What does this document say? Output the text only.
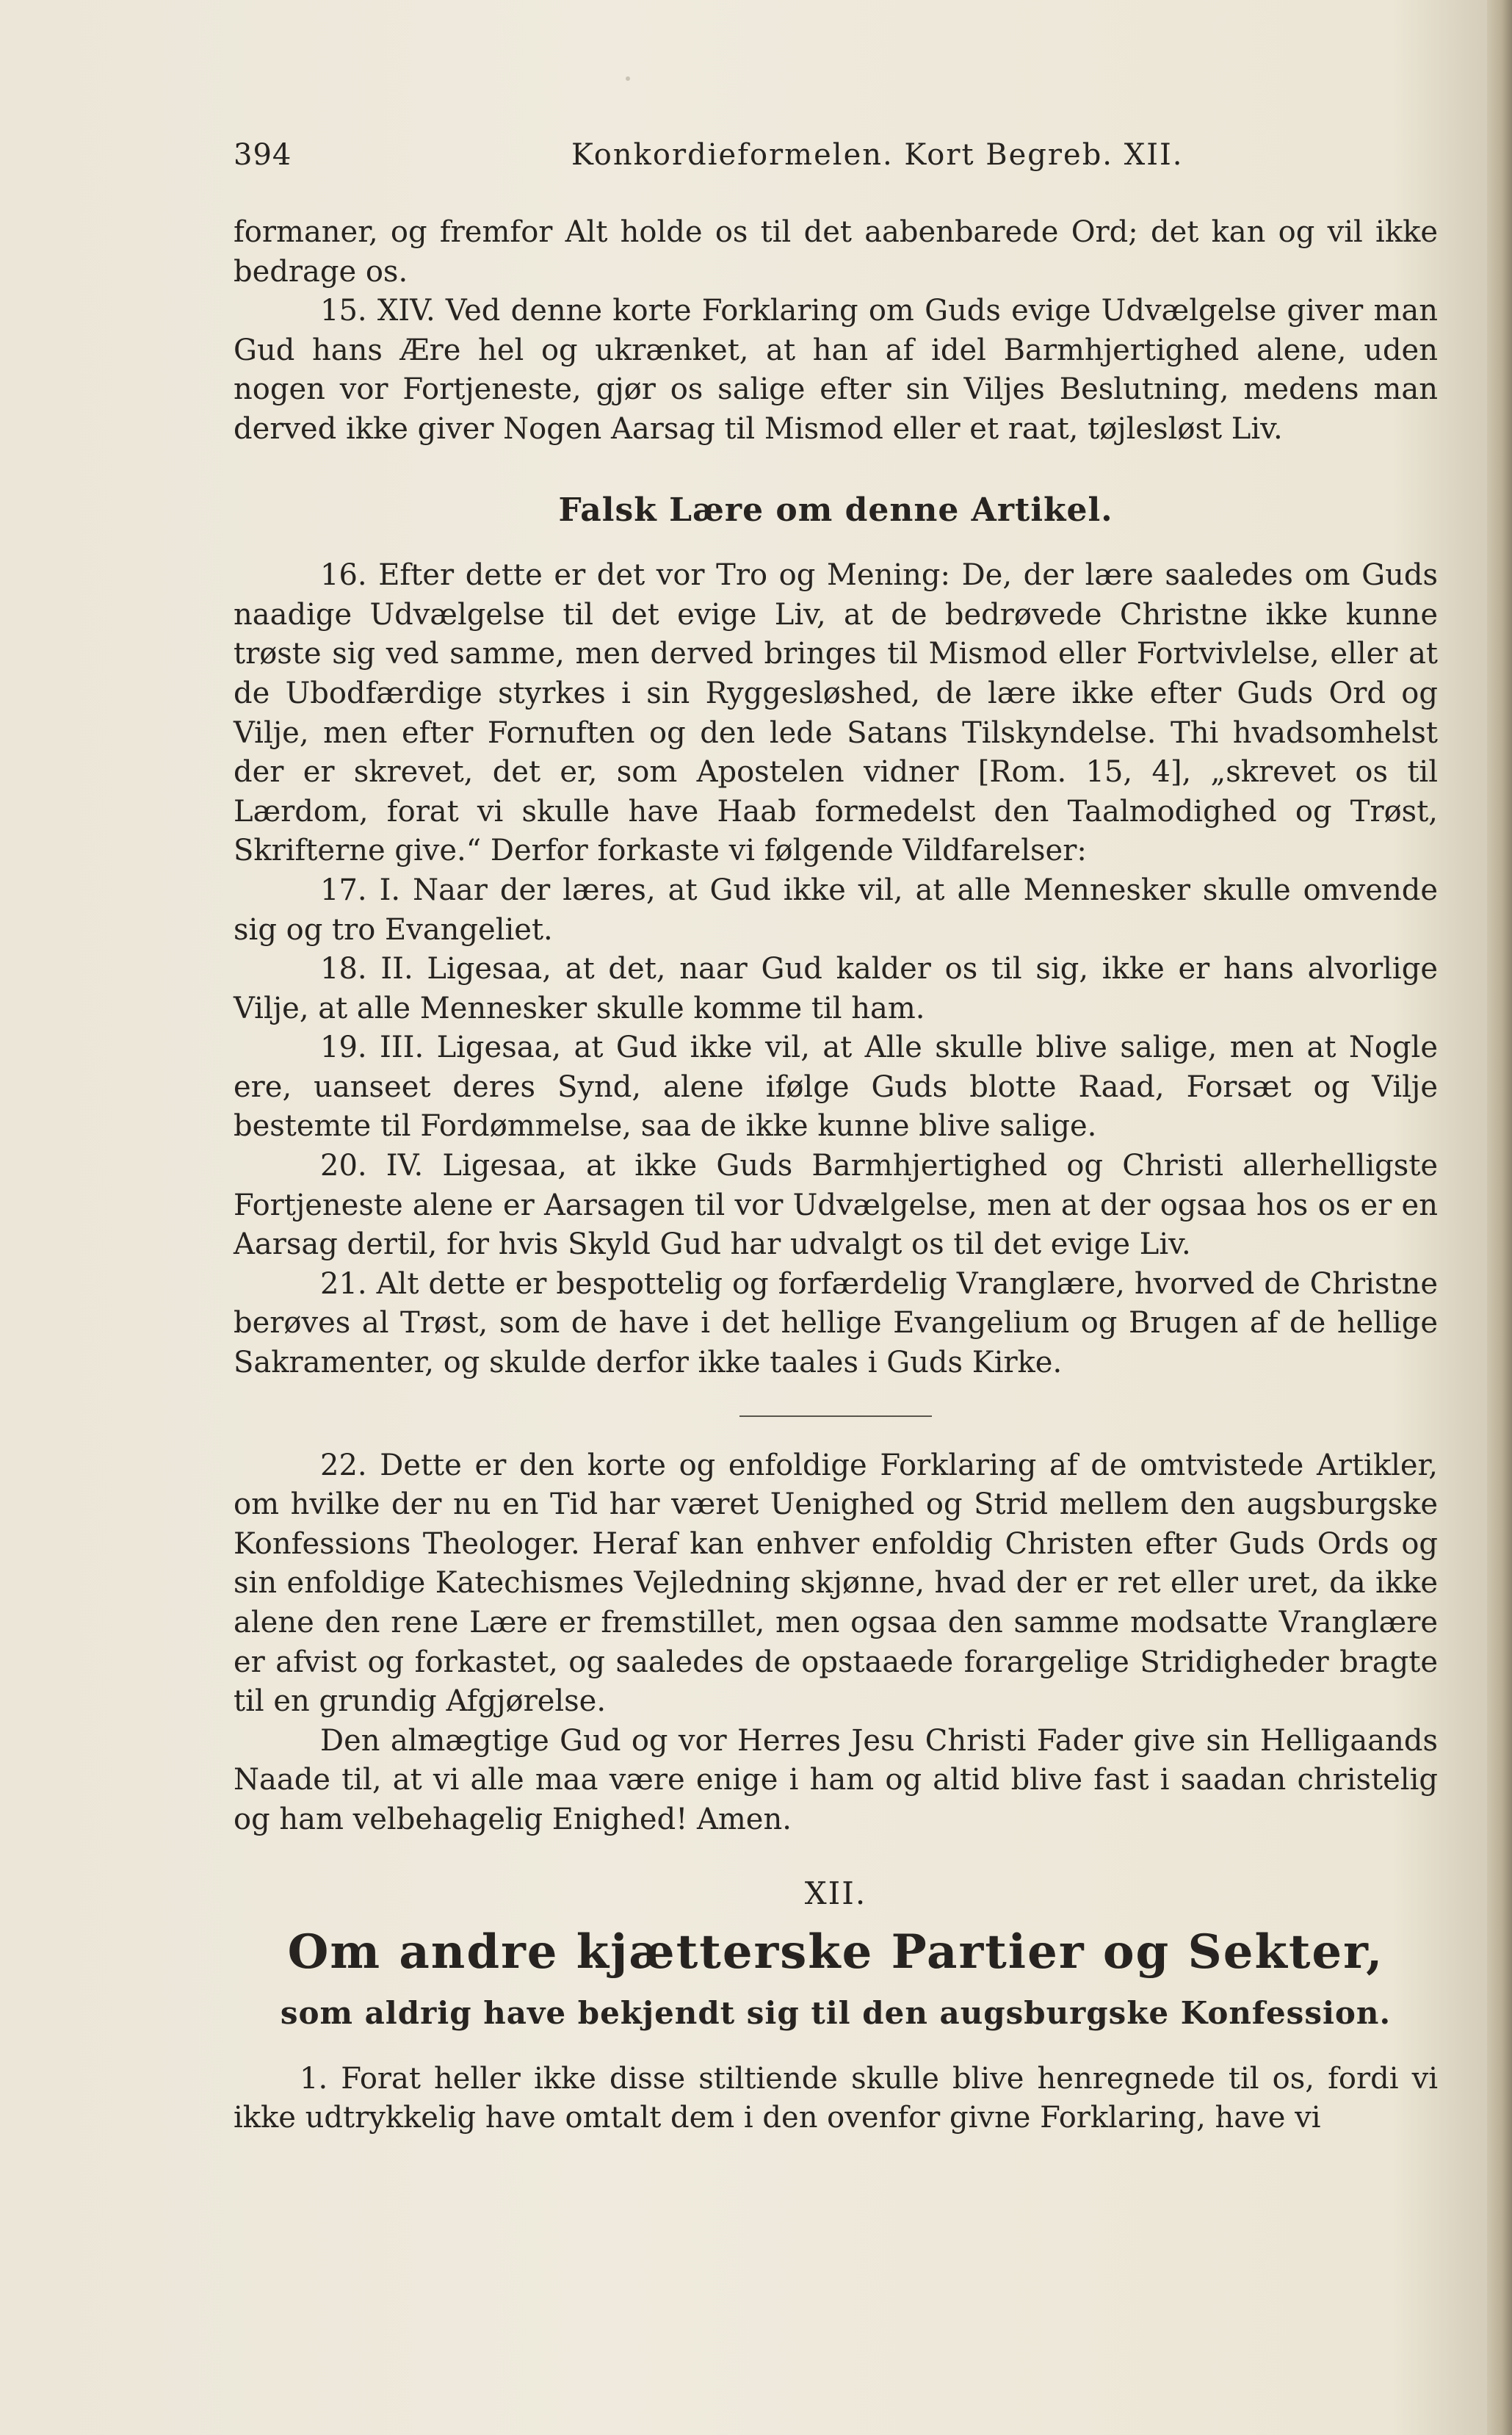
394	Konkordieformelen. Kort Begreb. XII.

formaner, og fremfor Alt holde os til det aabenbarede Ord; det kan og vil ikke bedrage os.

15. XIV. Ved denne korte Forklaring om Guds evige Udvælgelse giver man Gud hans Ære hel og ukrænket, at han af idel Barmhjertighed alene, uden nogen vor Fortjeneste, gjør os salige efter sin Viljes Beslutning, medens man derved ikke giver Nogen Aarsag til Mismod eller et raat, tøjlesløst Liv.

Falsk Lære om denne Artikel.

16. Efter dette er det vor Tro og Mening: De, der lære saaledes om Guds naadige Udvælgelse til det evige Liv, at de bedrøvede Christne ikke kunne trøste sig ved samme, men derved bringes til Mismod eller Fortvivlelse, eller at de Ubodfærdige styrkes i sin Ryggesløshed, de lære ikke efter Guds Ord og Vilje, men efter Fornuften og den lede Satans Tilskyndelse. Thi hvadsomhelst der er skrevet, det er, som Apostelen vidner [Rom. 15, 4], „skrevet os til Lærdom, forat vi skulle have Haab formedelst den Taalmodighed og Trøst, Skrifterne give.“ Derfor forkaste vi følgende Vildfarelser:

17. I. Naar der læres, at Gud ikke vil, at alle Mennesker skulle omvende sig og tro Evangeliet.

18. II. Ligesaa, at det, naar Gud kalder os til sig, ikke er hans alvorlige Vilje, at alle Mennesker skulle komme til ham.

19. III. Ligesaa, at Gud ikke vil, at Alle skulle blive salige, men at Nogle ere, uanseet deres Synd, alene ifølge Guds blotte Raad, Forsæt og Vilje bestemte til Fordømmelse, saa de ikke kunne blive salige.

20. IV. Ligesaa, at ikke Guds Barmhjertighed og Christi allerhelligste Fortjeneste alene er Aarsagen til vor Udvælgelse, men at der ogsaa hos os er en Aarsag dertil, for hvis Skyld Gud har udvalgt os til det evige Liv.

21. Alt dette er bespottelig og forfærdelig Vranglære, hvorved de Christne berøves al Trøst, som de have i det hellige Evangelium og Brugen af de hellige Sakramenter, og skulde derfor ikke taales i Guds Kirke.

22. Dette er den korte og enfoldige Forklaring af de omtvistede Artikler, om hvilke der nu en Tid har været Uenighed og Strid mellem den augsburgske Konfessions Theologer. Heraf kan enhver enfoldig Christen efter Guds Ords og sin enfoldige Katechismes Vejledning skjønne, hvad der er ret eller uret, da ikke alene den rene Lære er fremstillet, men ogsaa den samme modsatte Vranglære er afvist og forkastet, og saaledes de opstaaede forargelige Stridigheder bragte til en grundig Afgjørelse.

Den almægtige Gud og vor Herres Jesu Christi Fader give sin Helligaands Naade til, at vi alle maa være enige i ham og altid blive fast i saadan christelig og ham velbehagelig Enighed! Amen.

XII.
Om andre kjætterske Partier og Sekter,
som aldrig have bekjendt sig til den augsburgske Konfession.

1. Forat heller ikke disse stiltiende skulle blive henregnede til os, fordi vi ikke udtrykkelig have omtalt dem i den ovenfor givne Forklaring, have vi
